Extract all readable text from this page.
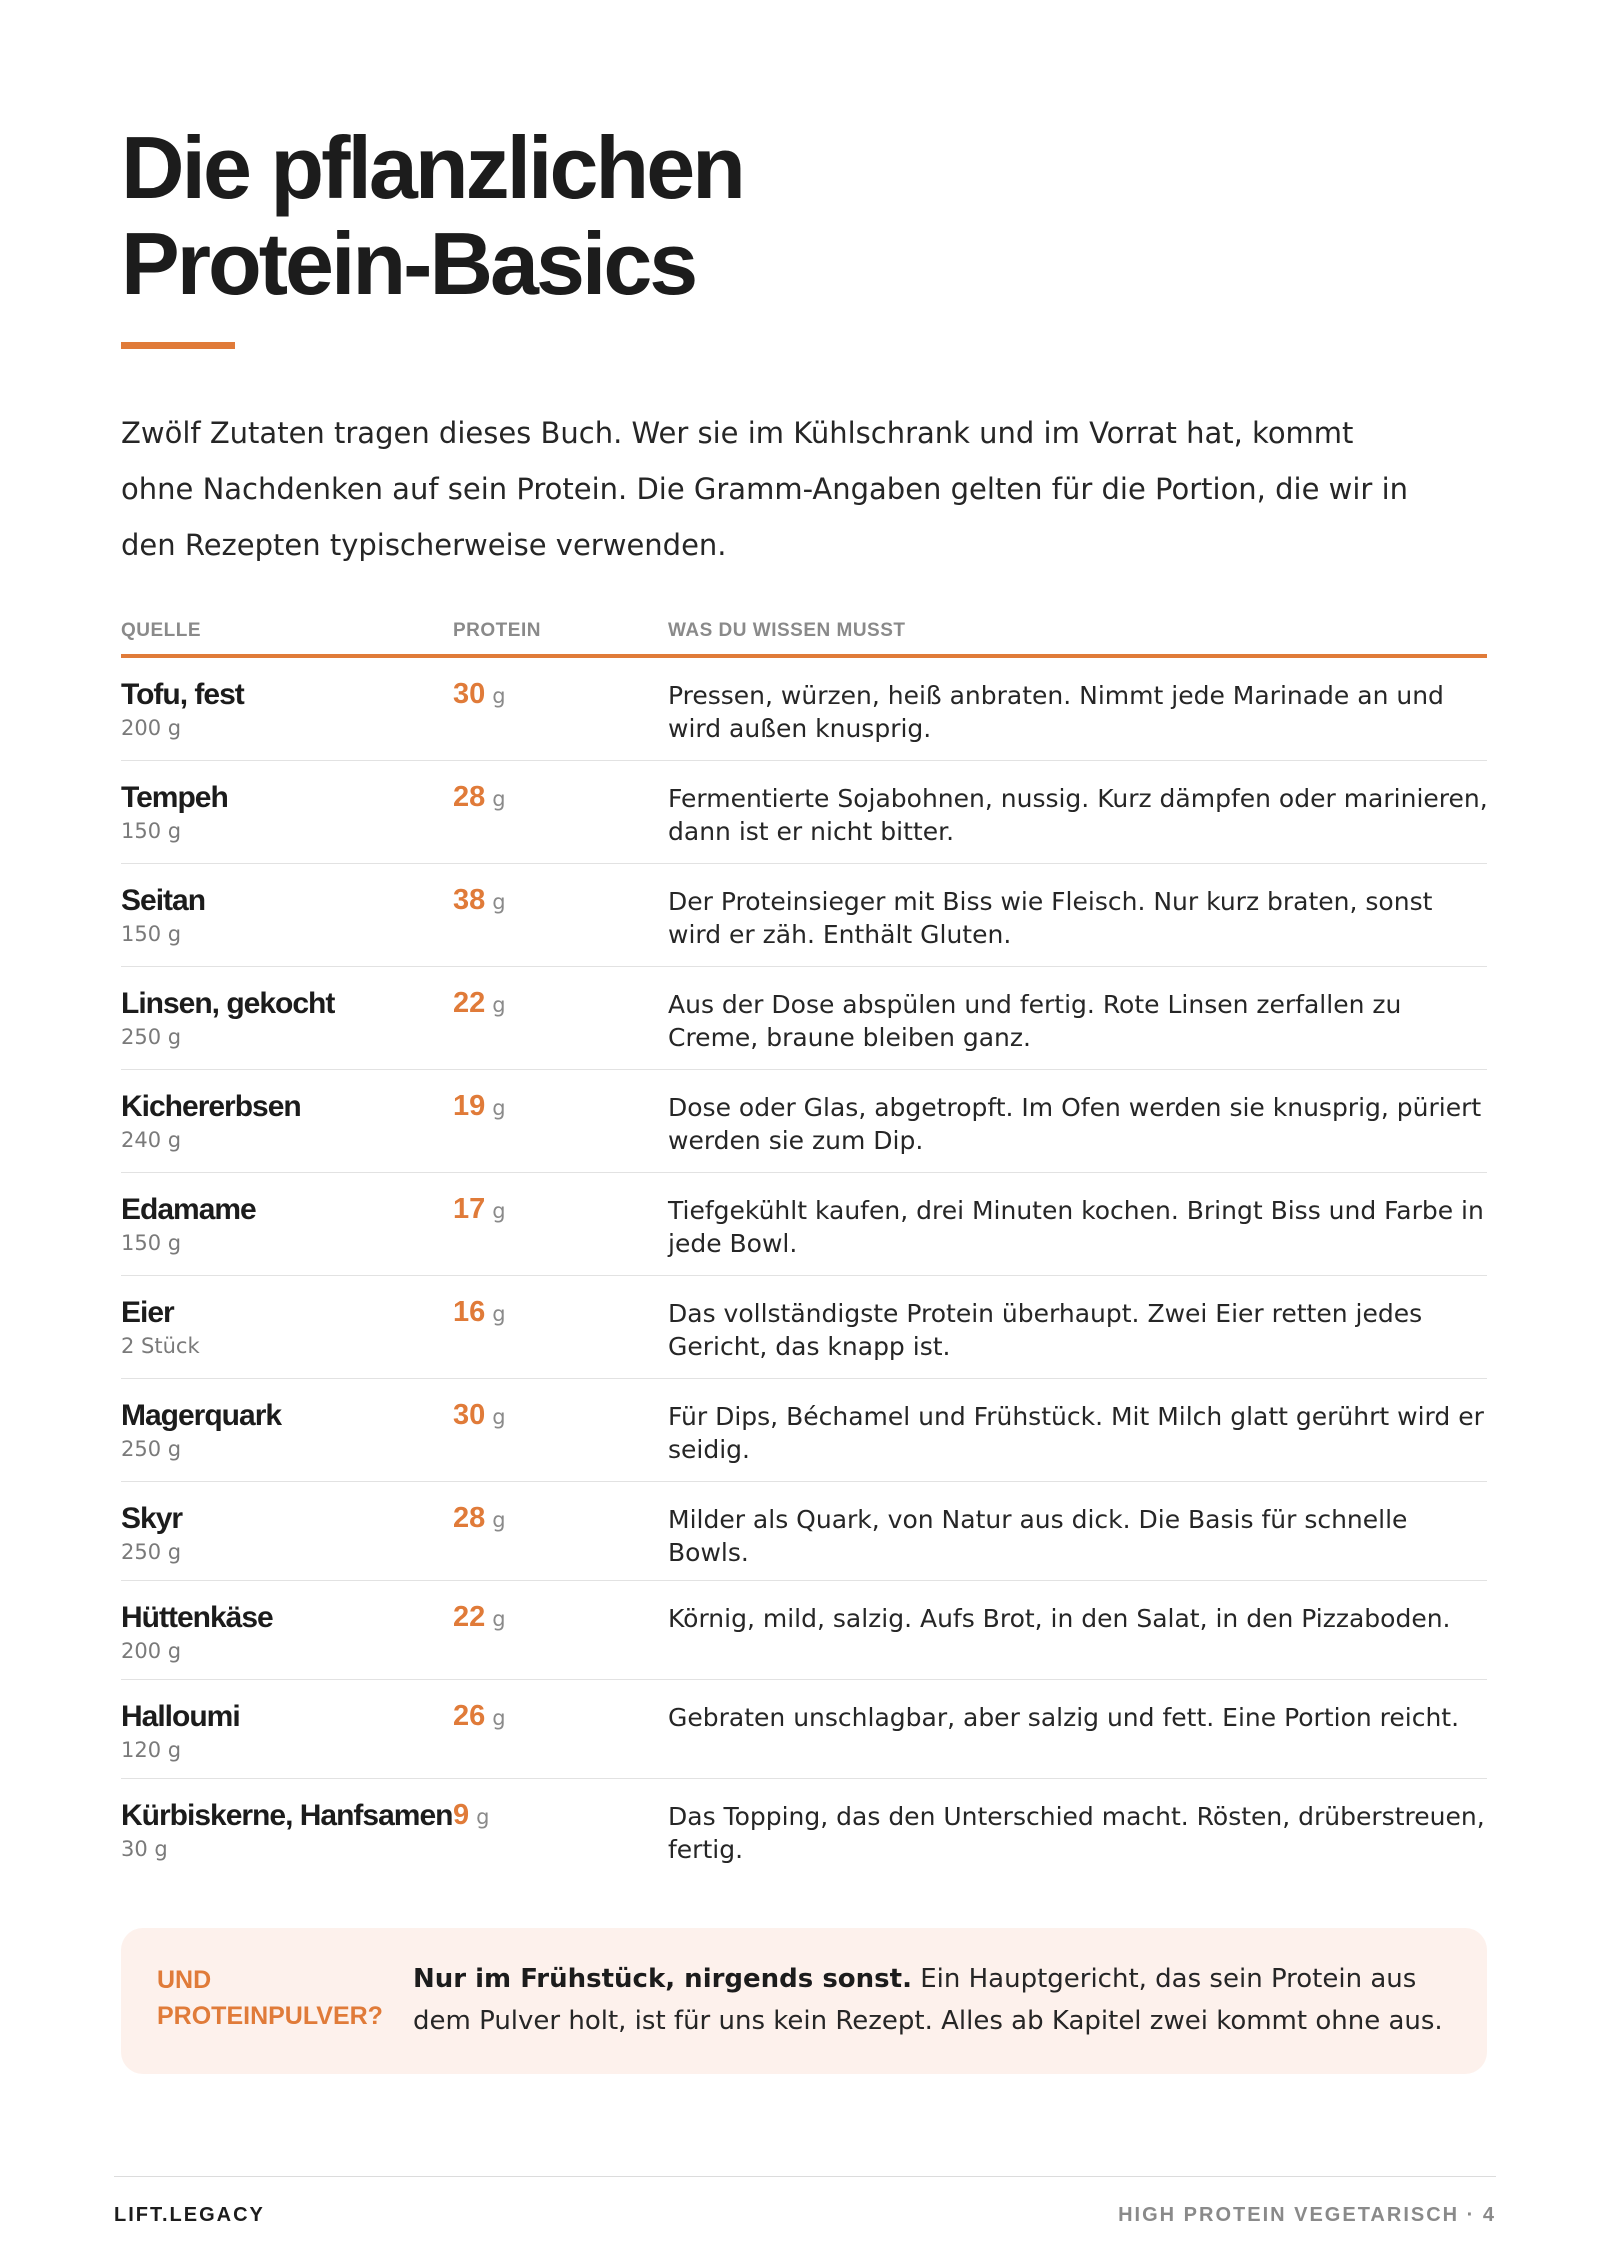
Die pflanzlichen
Protein-Basics

Zwölf Zutaten tragen dieses Buch. Wer sie im Kühlschrank und im Vorrat hat, kommt ohne Nachdenken auf sein Protein. Die Gramm-Angaben gelten für die Portion, die wir in den Rezepten typischerweise verwenden.

QUELLE	PROTEIN	WAS DU WISSEN MUSST
Tofu, fest
200 g
30 g	Pressen, würzen, heiß anbraten. Nimmt jede Marinade an und wird außen knusprig.
Tempeh
150 g
28 g	Fermentierte Sojabohnen, nussig. Kurz dämpfen oder marinieren, dann ist er nicht bitter.
Seitan
150 g
38 g	Der Proteinsieger mit Biss wie Fleisch. Nur kurz braten, sonst wird er zäh. Enthält Gluten.
Linsen, gekocht
250 g
22 g	Aus der Dose abspülen und fertig. Rote Linsen zerfallen zu Creme, braune bleiben ganz.
Kichererbsen
240 g
19 g	Dose oder Glas, abgetropft. Im Ofen werden sie knusprig, püriert werden sie zum Dip.
Edamame
150 g
17 g	Tiefgekühlt kaufen, drei Minuten kochen. Bringt Biss und Farbe in jede Bowl.
Eier
2 Stück
16 g	Das vollständigste Protein überhaupt. Zwei Eier retten jedes Gericht, das knapp ist.
Magerquark
250 g
30 g	Für Dips, Béchamel und Frühstück. Mit Milch glatt gerührt wird er seidig.
Skyr
250 g
28 g	Milder als Quark, von Natur aus dick. Die Basis für schnelle Bowls.
Hüttenkäse
200 g
22 g	Körnig, mild, salzig. Aufs Brot, in den Salat, in den Pizzaboden.
Halloumi
120 g
26 g	Gebraten unschlagbar, aber salzig und fett. Eine Portion reicht.
Kürbiskerne, Hanfsamen
30 g
9 g	Das Topping, das den Unterschied macht. Rösten, drüberstreuen, fertig.
UND
PROTEINPULVER?
Nur im Frühstück, nirgends sonst. Ein Hauptgericht, das sein Protein aus dem Pulver holt, ist für uns kein Rezept. Alles ab Kapitel zwei kommt ohne aus.
LIFT.LEGACY	HIGH PROTEIN VEGETARISCH · 4
